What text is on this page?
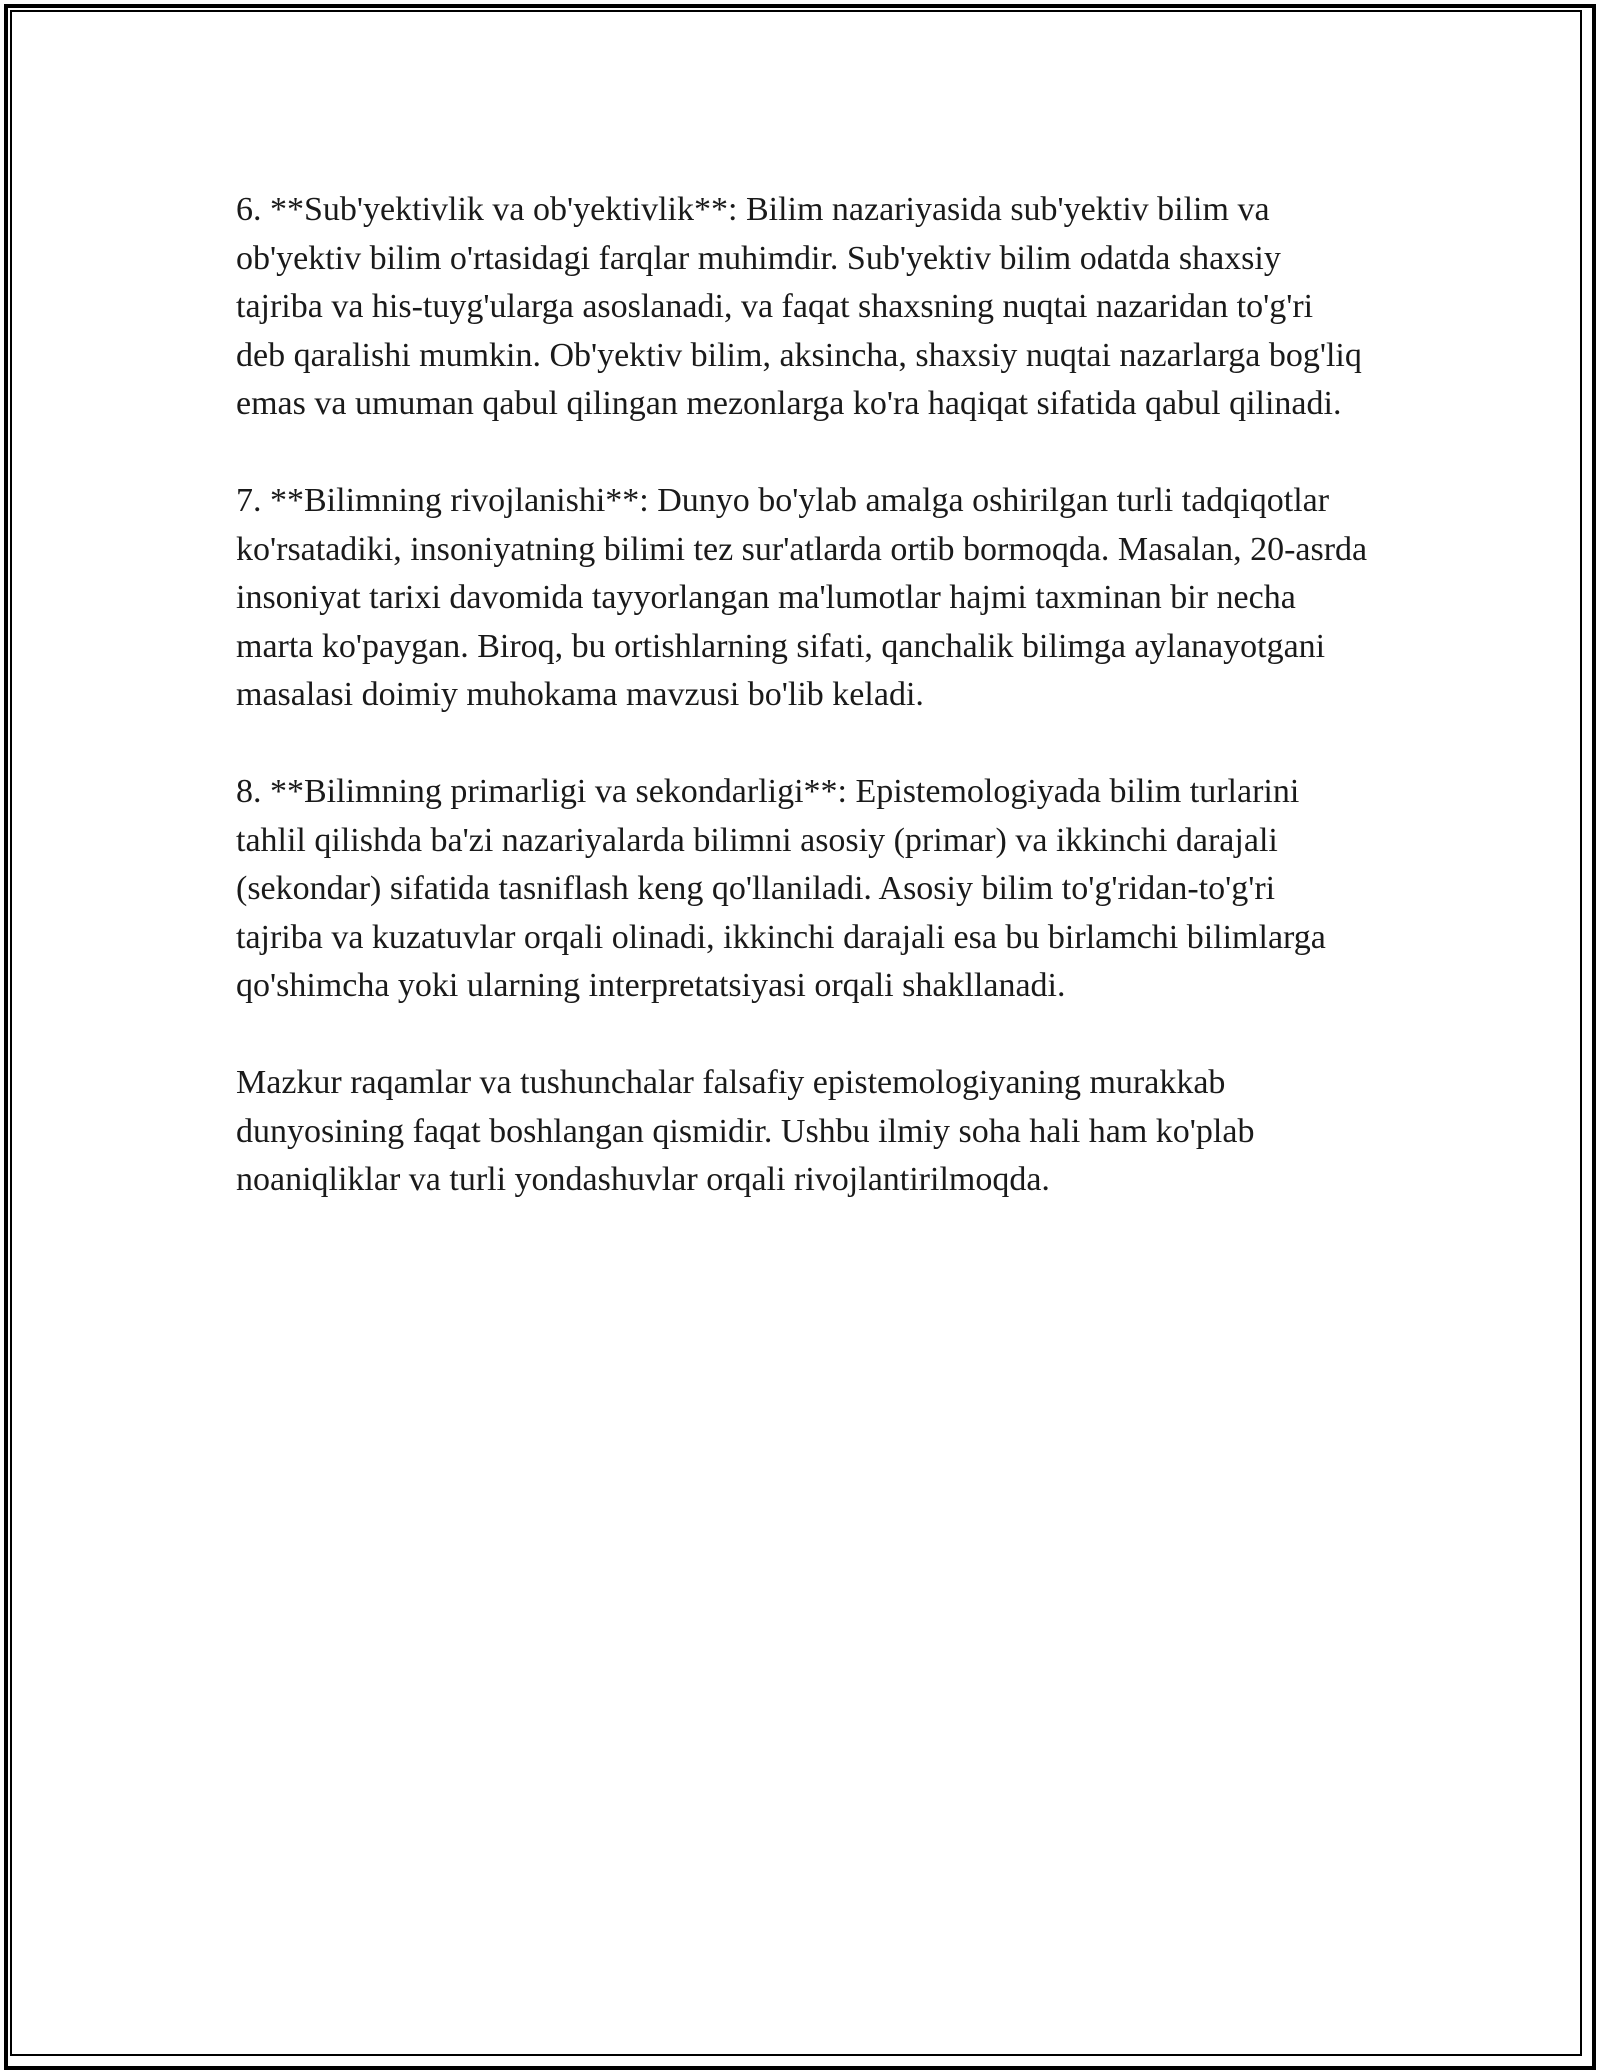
6. **Sub'yektivlik va ob'yektivlik**: Bilim nazariyasida sub'yektiv bilim va ob'yektiv bilim o'rtasidagi farqlar muhimdir. Sub'yektiv bilim odatda shaxsiy tajriba va his-tuyg'ularga asoslanadi, va faqat shaxsning nuqtai nazaridan to'g'ri deb qaralishi mumkin. Ob'yektiv bilim, aksincha, shaxsiy nuqtai nazarlarga bog'liq emas va umuman qabul qilingan mezonlarga ko'ra haqiqat sifatida qabul qilinadi.

7. **Bilimning rivojlanishi**: Dunyo bo'ylab amalga oshirilgan turli tadqiqotlar ko'rsatadiki, insoniyatning bilimi tez sur'atlarda ortib bormoqda. Masalan, 20-asrda insoniyat tarixi davomida tayyorlangan ma'lumotlar hajmi taxminan bir necha marta ko'paygan. Biroq, bu ortishlarning sifati, qanchalik bilimga aylanayotgani masalasi doimiy muhokama mavzusi bo'lib keladi.

8. **Bilimning primarligi va sekondarligi**: Epistemologiyada bilim turlarini tahlil qilishda ba'zi nazariyalarda bilimni asosiy (primar) va ikkinchi darajali (sekondar) sifatida tasniflash keng qo'llaniladi. Asosiy bilim to'g'ridan-to'g'ri tajriba va kuzatuvlar orqali olinadi, ikkinchi darajali esa bu birlamchi bilimlarga qo'shimcha yoki ularning interpretatsiyasi orqali shakllanadi.

Mazkur raqamlar va tushunchalar falsafiy epistemologiyaning murakkab dunyosining faqat boshlangan qismidir. Ushbu ilmiy soha hali ham ko'plab noaniqliklar va turli yondashuvlar orqali rivojlantirilmoqda.
